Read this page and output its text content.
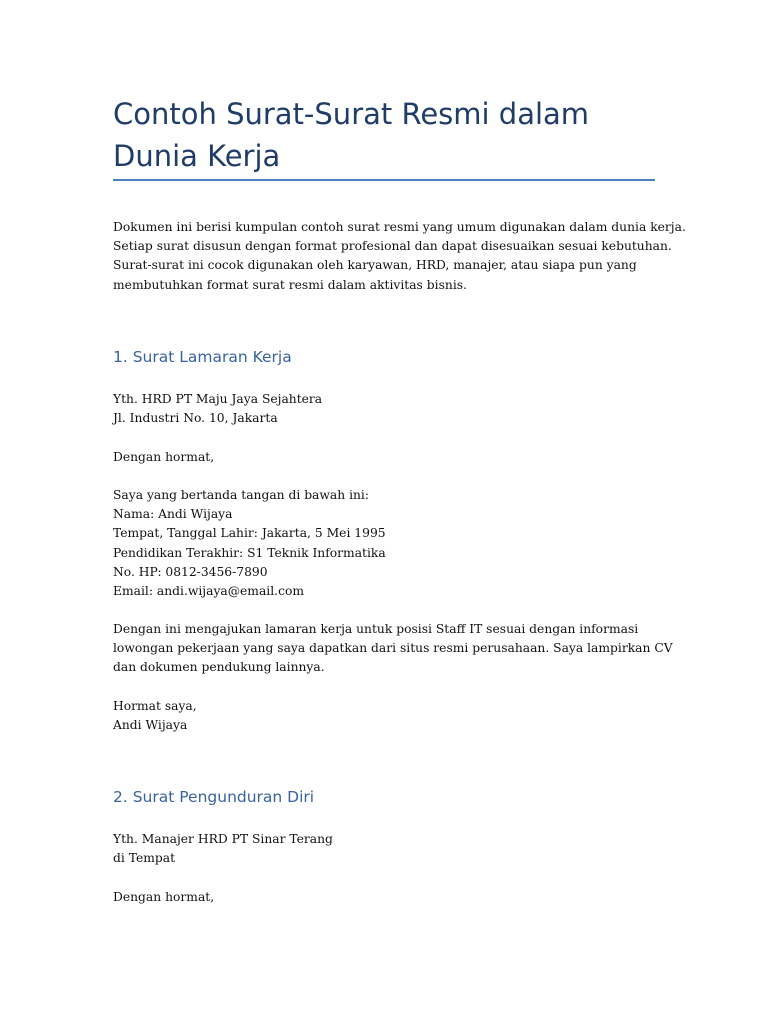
Contoh Surat-Surat Resmi dalam Dunia Kerja

Dokumen ini berisi kumpulan contoh surat resmi yang umum digunakan dalam dunia kerja.
Setiap surat disusun dengan format profesional dan dapat disesuaikan sesuai kebutuhan.
Surat-surat ini cocok digunakan oleh karyawan, HRD, manajer, atau siapa pun yang
membutuhkan format surat resmi dalam aktivitas bisnis.

1. Surat Lamaran Kerja

Yth. HRD PT Maju Jaya Sejahtera
Jl. Industri No. 10, Jakarta

Dengan hormat,

Saya yang bertanda tangan di bawah ini:
Nama: Andi Wijaya
Tempat, Tanggal Lahir: Jakarta, 5 Mei 1995
Pendidikan Terakhir: S1 Teknik Informatika
No. HP: 0812-3456-7890
Email: andi.wijaya@email.com

Dengan ini mengajukan lamaran kerja untuk posisi Staff IT sesuai dengan informasi
lowongan pekerjaan yang saya dapatkan dari situs resmi perusahaan. Saya lampirkan CV
dan dokumen pendukung lainnya.

Hormat saya,
Andi Wijaya

2. Surat Pengunduran Diri

Yth. Manajer HRD PT Sinar Terang
di Tempat

Dengan hormat,
